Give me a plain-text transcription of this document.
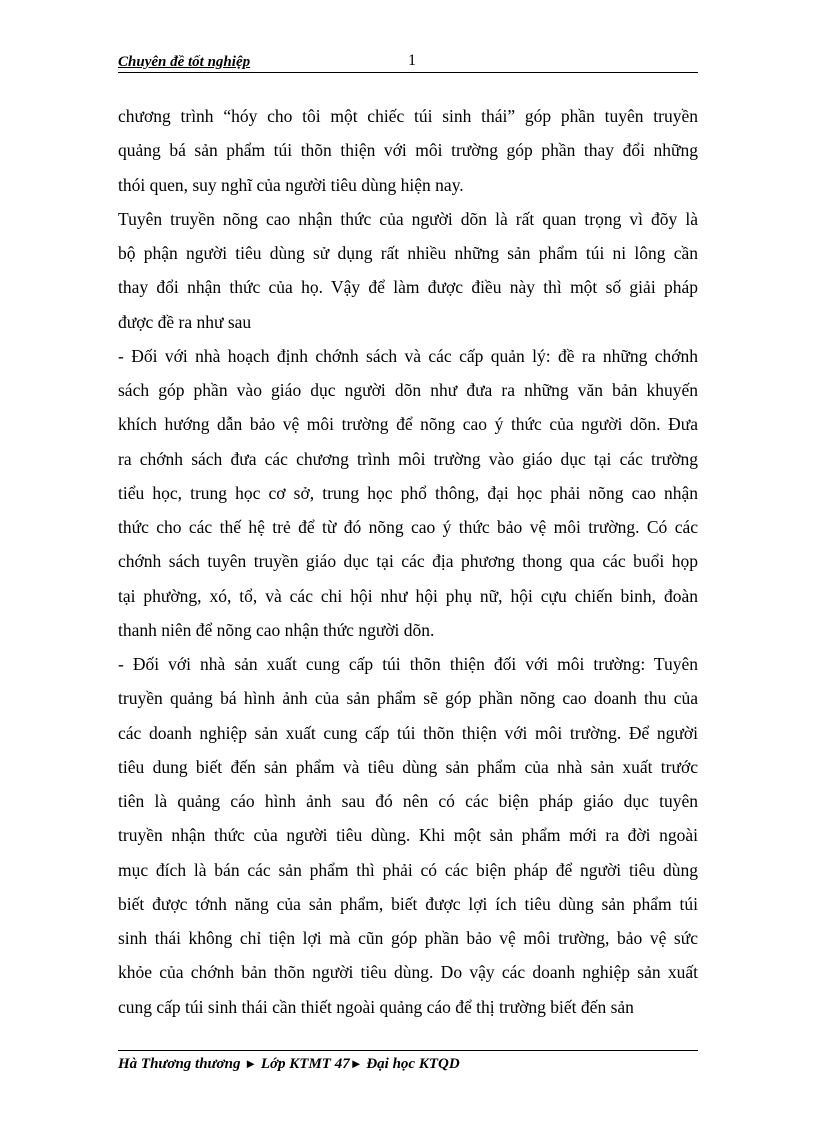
Chuyên đề tốt nghiệp	1
chương trình “hóy cho tôi một chiếc túi sinh thái” góp phần tuyên truyền
quảng bá sản phẩm túi thõn thiện với môi trường góp phần thay đổi những
thói quen, suy nghĩ của người tiêu dùng hiện nay.
Tuyên truyền nõng cao nhận thức của người dõn là rất quan trọng vì đõy là
bộ phận người tiêu dùng sử dụng rất nhiều những sản phẩm túi ni lông cần
thay đổi nhận thức của họ. Vậy để làm được điều này thì một số giải pháp
được đề ra như sau
- Đối với nhà hoạch định chớnh sách và các cấp quản lý: đề ra những chớnh
sách góp phần vào giáo dục người dõn như đưa ra những văn bản khuyến
khích hướng dẫn bảo vệ môi trường để nõng cao ý thức của người dõn. Đưa
ra chớnh sách đưa các chương trình môi trường vào giáo dục tại các trường
tiểu học, trung học cơ sở, trung học phổ thông, đại học phải nõng cao nhận
thức cho các thế hệ trẻ để từ đó nõng cao ý thức bảo vệ môi trường. Có các
chớnh sách tuyên truyền giáo dục tại các địa phương thong qua các buổi họp
tại phường, xó, tổ, và các chi hội như hội phụ nữ, hội cựu chiến binh, đoàn
thanh niên để nõng cao nhận thức người dõn.
- Đối với nhà sản xuất cung cấp túi thõn thiện đối với môi trường: Tuyên
truyền quảng bá hình ảnh của sản phẩm sẽ góp phần nõng cao doanh thu của
các doanh nghiệp sản xuất cung cấp túi thõn thiện với môi trường. Để người
tiêu dung biết đến sản phẩm và tiêu dùng sản phẩm của nhà sản xuất trước
tiên là quảng cáo hình ảnh sau đó nên có các biện pháp giáo dục tuyên
truyền nhận thức của người tiêu dùng. Khi một sản phẩm mới ra đời ngoài
mục đích là bán các sản phẩm thì phải có các biện pháp để người tiêu dùng
biết được tớnh năng của sản phẩm, biết được lợi ích tiêu dùng sản phẩm túi
sinh thái không chỉ tiện lợi mà cũn góp phần bảo vệ môi trường, bảo vệ sức
khỏe của chớnh bản thõn người tiêu dùng. Do vậy các doanh nghiệp sản xuất
cung cấp túi sinh thái cần thiết ngoài quảng cáo để thị trường biết đến sản
Hà Thương thương ► Lớp KTMT 47► Đại học KTQD
